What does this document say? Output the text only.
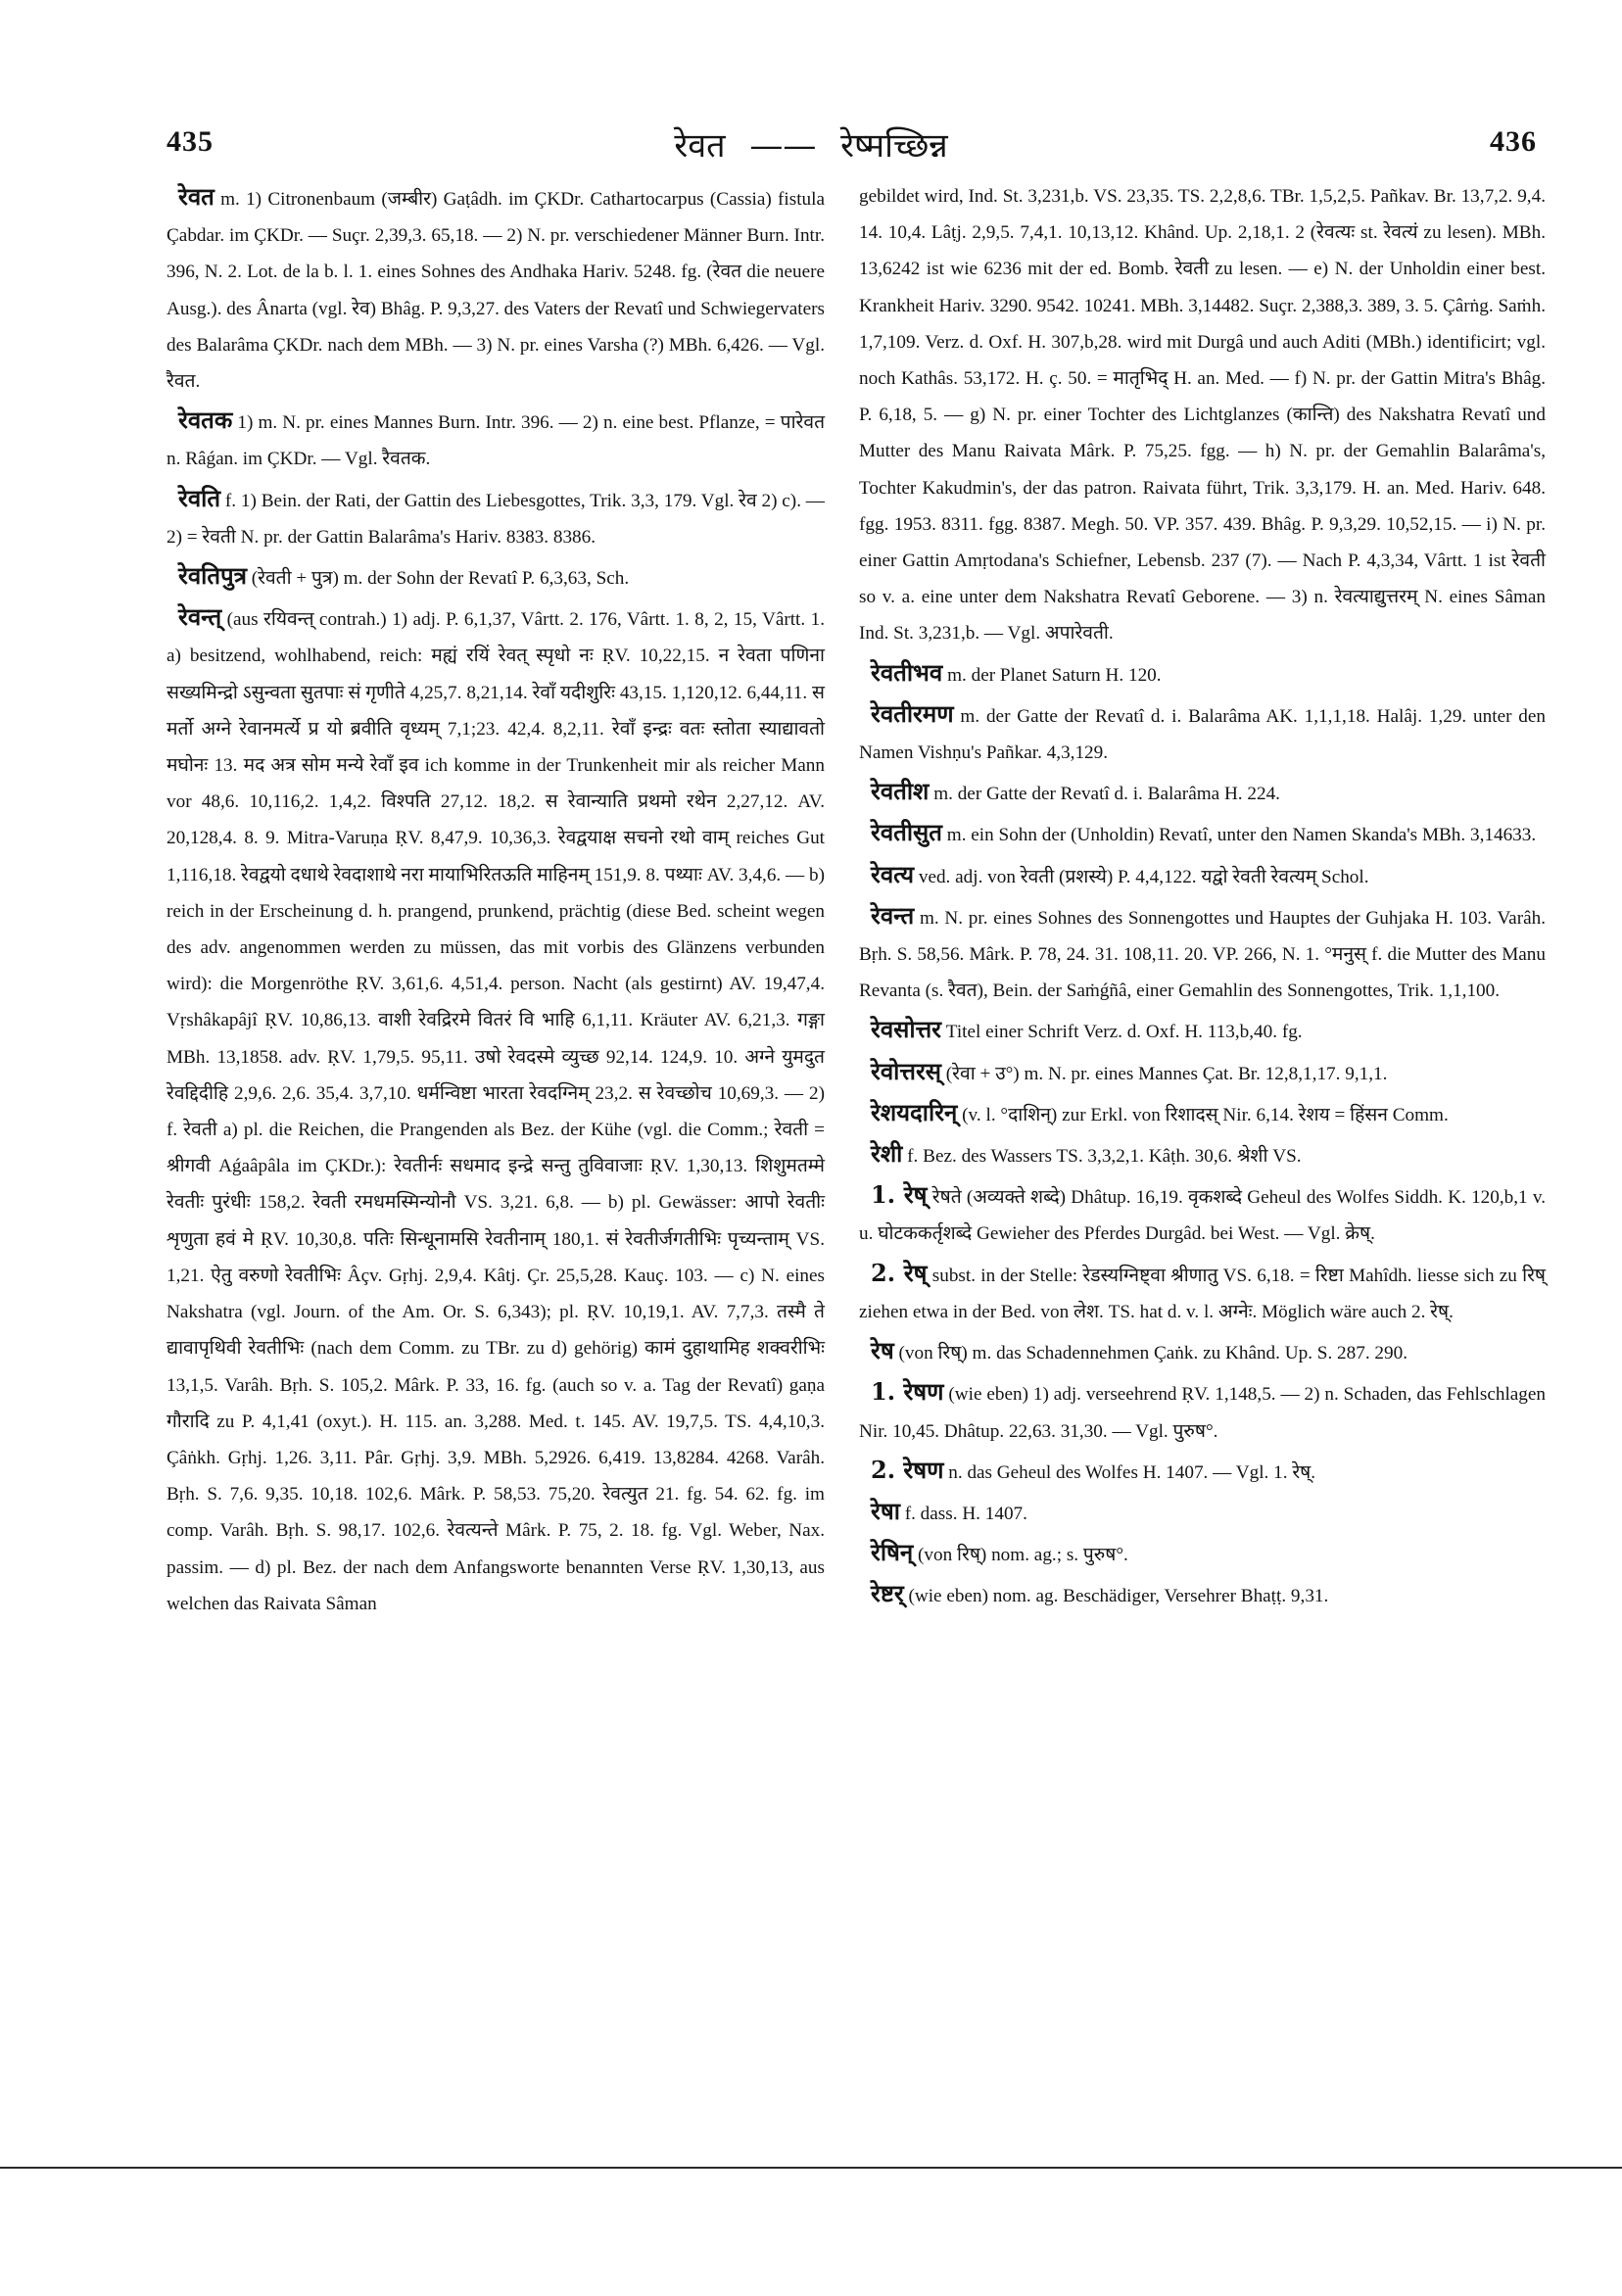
435	रेवत —— रेष्मच्छिन्न	436

रेवत m. 1) Citronenbaum (जम्बीर) Gaṭâdh. im ÇKDr. Cathartocarpus (Cassia) fistula Çabdar. im ÇKDr. — Suçr. 2,39,3. 65,18. — 2) N. pr. verschiedener Männer Burn. Intr. 396, N. 2. Lot. de la b. l. 1. eines Sohnes des Andhaka Hariv. 5248. fg. (रेवत die neuere Ausg.). des Ânarta (vgl. रेव) Bhâg. P. 9,3,27. des Vaters der Revatî und Schwiegervaters des Balarâma ÇKDr. nach dem MBh. — 3) N. pr. eines Varsha (?) MBh. 6,426. — Vgl. रैवत.

रेवतक 1) m. N. pr. eines Mannes Burn. Intr. 396. — 2) n. eine best. Pflanze, = पारेवत n. Râǵan. im ÇKDr. — Vgl. रैवतक.

रेवति f. 1) Bein. der Rati, der Gattin des Liebesgottes, Trik. 3,3, 179. Vgl. रेव 2) c). — 2) = रेवती N. pr. der Gattin Balarâma's Hariv. 8383. 8386.

रेवतिपुत्र (रेवती + पुत्र) m. der Sohn der Revatî P. 6,3,63, Sch.

रेवन्त् (aus रयिवन्त् contrah.) 1) adj. P. 6,1,37, Vârtt. 2. 176, Vârtt. 1. 8, 2, 15, Vârtt. 1. a) besitzend, wohlhabend, reich: मह्यं रयिं रेवत् स्पृधो नः ṚV. 10,22,15. न रेवता पणिना सख्यमिन्द्रो ऽसुन्वता सुतपाः सं गृणीते 4,25,7. 8,21,14. रेवाँ यदीशुरिः 43,15. 1,120,12. 6,44,11. स मर्तो अग्ने रेवानमर्त्ये प्र यो ब्रवीति वृध्यम् 7,1;23. 42,4. 8,2,11. रेवाँ इन्द्रः वतः स्तोता स्याद्यावतो मघोनः 13. मद अत्र सोम मन्ये रेवाँ इव ich komme in der Trunkenheit mir als reicher Mann vor 48,6. 10,116,2. 1,4,2. विश्पति 27,12. 18,2. स रेवान्याति प्रथमो रथेन 2,27,12. AV. 20,128,4. 8. 9. Mitra-Varuṇa ṚV. 8,47,9. 10,36,3. रेवद्वयाक्ष सचनो रथो वाम् reiches Gut 1,116,18. रेवद्वयो दधाथे रेवदाशाथे नरा मायाभिरितऊति माहिनम् 151,9. 8. पथ्याः AV. 3,4,6. — b) reich in der Erscheinung d. h. prangend, prunkend, prächtig (diese Bed. scheint wegen des adv. angenommen werden zu müssen, das mit vorbis des Glänzens verbunden wird): die Morgenröthe ṚV. 3,61,6. 4,51,4. person. Nacht (als gestirnt) AV. 19,47,4. Vṛshâkapâjî ṚV. 10,86,13. वाशी रेवद्रिरमे वितरं वि भाहि 6,1,11. Kräuter AV. 6,21,3. गङ्गा MBh. 13,1858. adv. ṚV. 1,79,5. 95,11. उषो रेवदस्मे व्युच्छ 92,14. 124,9. 10. अग्ने युमदुत रेवद्दिदीहि 2,9,6. 2,6. 35,4. 3,7,10. धर्मन्विष्टा भारता रेवदग्निम् 23,2. स रेवच्छोच 10,69,3. — 2) f. रेवती a) pl. die Reichen, die Prangenden als Bez. der Kühe (vgl. die Comm.; रेवती = श्रीगवी Aǵaâpâla im ÇKDr.): रेवतीर्नः सधमाद इन्द्रे सन्तु तुविवाजाः ṚV. 1,30,13. शिशुमतम्मे रेवतीः पुरंधीः 158,2. रेवती रमधमस्मिन्योनौ VS. 3,21. 6,8. — b) pl. Gewässer: आपो रेवतीः शृणुता हवं मे ṚV. 10,30,8. पतिः सिन्धूनामसि रेवतीनाम् 180,1. सं रेवतीर्जगतीभिः पृच्यन्ताम् VS. 1,21. ऐतु वरुणो रेवतीभिः Âçv. Gṛhj. 2,9,4. Kâtj. Çr. 25,5,28. Kauç. 103. — c) N. eines Nakshatra (vgl. Journ. of the Am. Or. S. 6,343); pl. ṚV. 10,19,1. AV. 7,7,3. तस्मै ते द्यावापृथिवी रेवतीभिः (nach dem Comm. zu TBr. zu d) gehörig) कामं दुहाथामिह शक्वरीभिः 13,1,5. Varâh. Bṛh. S. 105,2. Mârk. P. 33, 16. fg. (auch so v. a. Tag der Revatî) gaṇa गौरादि zu P. 4,1,41 (oxyt.). H. 115. an. 3,288. Med. t. 145. AV. 19,7,5. TS. 4,4,10,3. Çâṅkh. Gṛhj. 1,26. 3,11. Pâr. Gṛhj. 3,9. MBh. 5,2926. 6,419. 13,8284. 4268. Varâh. Bṛh. S. 7,6. 9,35. 10,18. 102,6. Mârk. P. 58,53. 75,20. रेवत्युत 21. fg. 54. 62. fg. im comp. Varâh. Bṛh. S. 98,17. 102,6. रेवत्यन्ते Mârk. P. 75, 2. 18. fg. Vgl. Weber, Nax. passim. — d) pl. Bez. der nach dem Anfangsworte benannten Verse ṚV. 1,30,13, aus welchen das Raivata Sâman

gebildet wird, Ind. St. 3,231,b. VS. 23,35. TS. 2,2,8,6. TBr. 1,5,2,5. Pañkav. Br. 13,7,2. 9,4. 14. 10,4. Lâṭj. 2,9,5. 7,4,1. 10,13,12. Khând. Up. 2,18,1. 2 (रेवत्यः st. रेवत्यं zu lesen). MBh. 13,6242 ist wie 6236 mit der ed. Bomb. रेवती zu lesen. — e) N. der Unholdin einer best. Krankheit Hariv. 3290. 9542. 10241. MBh. 3,14482. Suçr. 2,388,3. 389, 3. 5. Çârṅg. Saṁh. 1,7,109. Verz. d. Oxf. H. 307,b,28. wird mit Durgâ und auch Aditi (MBh.) identificirt; vgl. noch Kathâs. 53,172. H. ç. 50. = मातृभिद् H. an. Med. — f) N. pr. der Gattin Mitra's Bhâg. P. 6,18, 5. — g) N. pr. einer Tochter des Lichtglanzes (कान्ति) des Nakshatra Revatî und Mutter des Manu Raivata Mârk. P. 75,25. fgg. — h) N. pr. der Gemahlin Balarâma's, Tochter Kakudmin's, der das patron. Raivata führt, Trik. 3,3,179. H. an. Med. Hariv. 648. fgg. 1953. 8311. fgg. 8387. Megh. 50. VP. 357. 439. Bhâg. P. 9,3,29. 10,52,15. — i) N. pr. einer Gattin Amṛtodana's Schiefner, Lebensb. 237 (7). — Nach P. 4,3,34, Vârtt. 1 ist रेवती so v. a. eine unter dem Nakshatra Revatî Geborene. — 3) n. रेवत्याद्युत्तरम् N. eines Sâman Ind. St. 3,231,b. — Vgl. अपारेवती.

रेवतीभव m. der Planet Saturn H. 120.

रेवतीरमण m. der Gatte der Revatî d. i. Balarâma AK. 1,1,1,18. Halâj. 1,29. unter den Namen Vishṇu's Pañkar. 4,3,129.

रेवतीश m. der Gatte der Revatî d. i. Balarâma H. 224.

रेवतीसुत m. ein Sohn der (Unholdin) Revatî, unter den Namen Skanda's MBh. 3,14633.

रेवत्य ved. adj. von रेवती (प्रशस्ये) P. 4,4,122. यद्वो रेवती रेवत्यम् Schol.

रेवन्त m. N. pr. eines Sohnes des Sonnengottes und Hauptes der Guhjaka H. 103. Varâh. Bṛh. S. 58,56. Mârk. P. 78, 24. 31. 108,11. 20. VP. 266, N. 1. °मनुस् f. die Mutter des Manu Revanta (s. रैवत), Bein. der Saṁǵñâ, einer Gemahlin des Sonnengottes, Trik. 1,1,100.

रेवसोत्तर Titel einer Schrift Verz. d. Oxf. H. 113,b,40. fg.

रेवोत्तरस् (रेवा + उ°) m. N. pr. eines Mannes Çat. Br. 12,8,1,17. 9,1,1.

रेशयदारिन् (v. l. °दाशिन्) zur Erkl. von रिशादस् Nir. 6,14. रेशय = हिंसन Comm.

रेशी f. Bez. des Wassers TS. 3,3,2,1. Kâṭh. 30,6. श्रेशी VS.

1. रेष् रेषते (अव्यक्ते शब्दे) Dhâtup. 16,19. वृकशब्दे Geheul des Wolfes Siddh. K. 120,b,1 v. u. घोटककर्तृशब्दे Gewieher des Pferdes Durgâd. bei West. — Vgl. क्रेष्.

2. रेष् subst. in der Stelle: रेडस्यग्निष्ट्वा श्रीणातु VS. 6,18. = रिष्टा Mahîdh. liesse sich zu रिष् ziehen etwa in der Bed. von लेश. TS. hat d. v. l. अग्नेः. Möglich wäre auch 2. रेष्.

रेष (von रिष्) m. das Schadennehmen Çaṅk. zu Khând. Up. S. 287. 290.

1. रेषण (wie eben) 1) adj. verseehrend ṚV. 1,148,5. — 2) n. Schaden, das Fehlschlagen Nir. 10,45. Dhâtup. 22,63. 31,30. — Vgl. पुरुष°.

2. रेषण n. das Geheul des Wolfes H. 1407. — Vgl. 1. रेष्.

रेषा f. dass. H. 1407.

रेषिन् (von रिष्) nom. ag.; s. पुरुष°.

रेष्टर् (wie eben) nom. ag. Beschädiger, Versehrer Bhaṭṭ. 9,31.
